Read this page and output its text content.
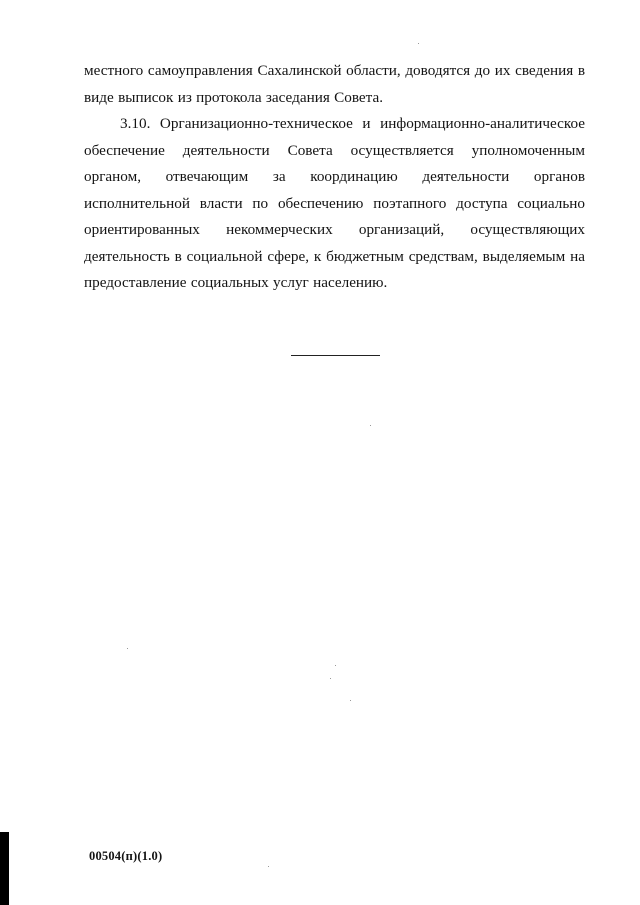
местного самоуправления Сахалинской области, доводятся до их сведения в виде выписок из протокола заседания Совета.
3.10. Организационно-техническое и информационно-аналитическое обеспечение деятельности Совета осуществляется уполномоченным органом, отвечающим за координацию деятельности органов исполнительной власти по обеспечению поэтапного доступа социально ориентированных некоммерческих организаций, осуществляющих деятельность в социальной сфере, к бюджетным средствам, выделяемым на предоставление социальных услуг населению.
00504(п)(1.0)
